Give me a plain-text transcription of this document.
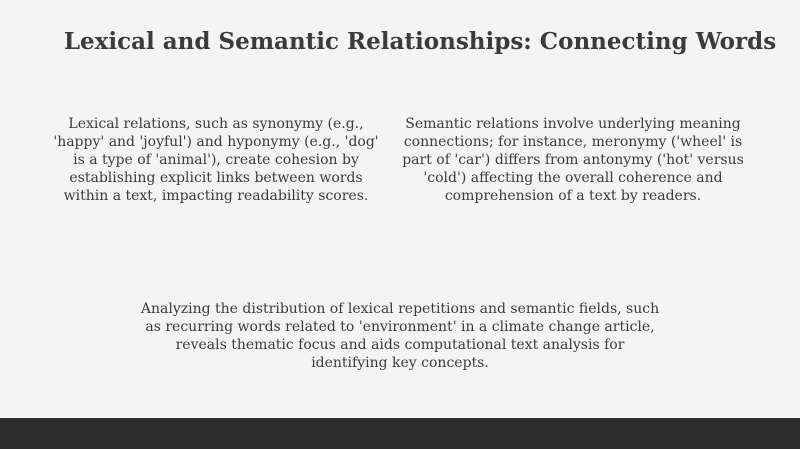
Lexical and Semantic Relationships: Connecting Words
Lexical relations, such as synonymy (e.g., 'happy' and 'joyful') and hyponymy (e.g., 'dog' is a type of 'animal'), create cohesion by establishing explicit links between words within a text, impacting readability scores.
Semantic relations involve underlying meaning connections; for instance, meronymy ('wheel' is part of 'car') differs from antonymy ('hot' versus 'cold') affecting the overall coherence and comprehension of a text by readers.
Analyzing the distribution of lexical repetitions and semantic fields, such as recurring words related to 'environment' in a climate change article, reveals thematic focus and aids computational text analysis for identifying key concepts.
